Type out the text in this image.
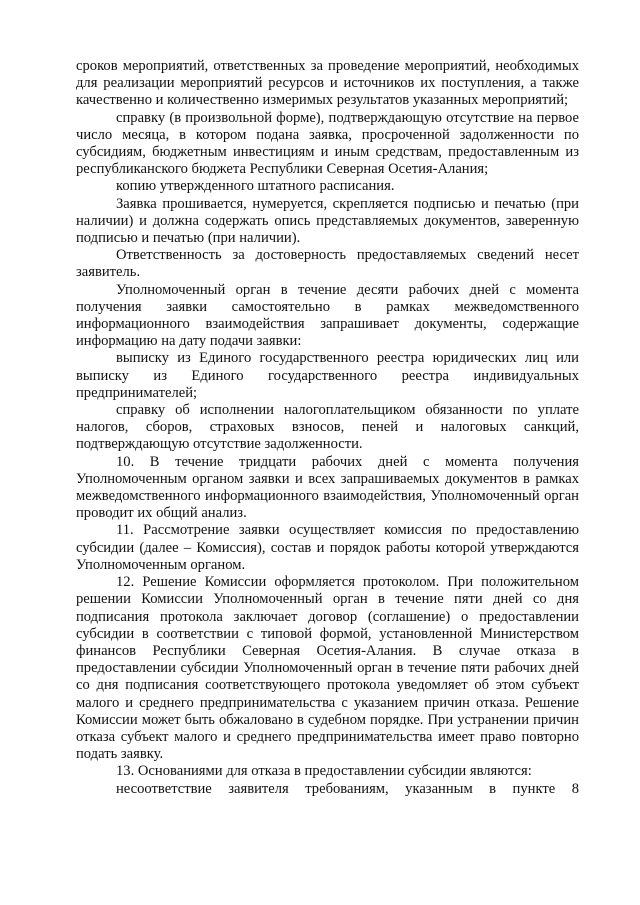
сроков мероприятий, ответственных за проведение мероприятий, необходимых для реализации мероприятий ресурсов и источников их поступления, а также качественно и количественно измеримых результатов указанных мероприятий;

справку (в произвольной форме), подтверждающую отсутствие на первое число месяца, в котором подана заявка, просроченной задолженности по субсидиям, бюджетным инвестициям и иным средствам, предоставленным из республиканского бюджета Республики Северная Осетия-Алания;

копию утвержденного штатного расписания.

Заявка прошивается, нумеруется, скрепляется подписью и печатью (при наличии) и должна содержать опись представляемых документов, заверенную подписью и печатью (при наличии).

Ответственность за достоверность предоставляемых сведений несет заявитель.

Уполномоченный орган в течение десяти рабочих дней с момента получения заявки самостоятельно в рамках межведомственного информационного взаимодействия запрашивает документы, содержащие информацию на дату подачи заявки:

выписку из Единого государственного реестра юридических лиц или выписку из Единого государственного реестра индивидуальных предпринимателей;

справку об исполнении налогоплательщиком обязанности по уплате налогов, сборов, страховых взносов, пеней и налоговых санкций, подтверждающую отсутствие задолженности.

10. В течение тридцати рабочих дней с момента получения Уполномоченным органом заявки и всех запрашиваемых документов в рамках межведомственного информационного взаимодействия, Уполномоченный орган проводит их общий анализ.

11. Рассмотрение заявки осуществляет комиссия по предоставлению субсидии (далее – Комиссия), состав и порядок работы которой утверждаются Уполномоченным органом.

12. Решение Комиссии оформляется протоколом. При положительном решении Комиссии Уполномоченный орган в течение пяти дней со дня подписания протокола заключает договор (соглашение) о предоставлении субсидии в соответствии с типовой формой, установленной Министерством финансов Республики Северная Осетия-Алания. В случае отказа в предоставлении субсидии Уполномоченный орган в течение пяти рабочих дней со дня подписания соответствующего протокола уведомляет об этом субъект малого и среднего предпринимательства с указанием причин отказа. Решение Комиссии может быть обжаловано в судебном порядке. При устранении причин отказа субъект малого и среднего предпринимательства имеет право повторно подать заявку.

13. Основаниями для отказа в предоставлении субсидии являются:

несоответствие заявителя требованиям, указанным в пункте 8
